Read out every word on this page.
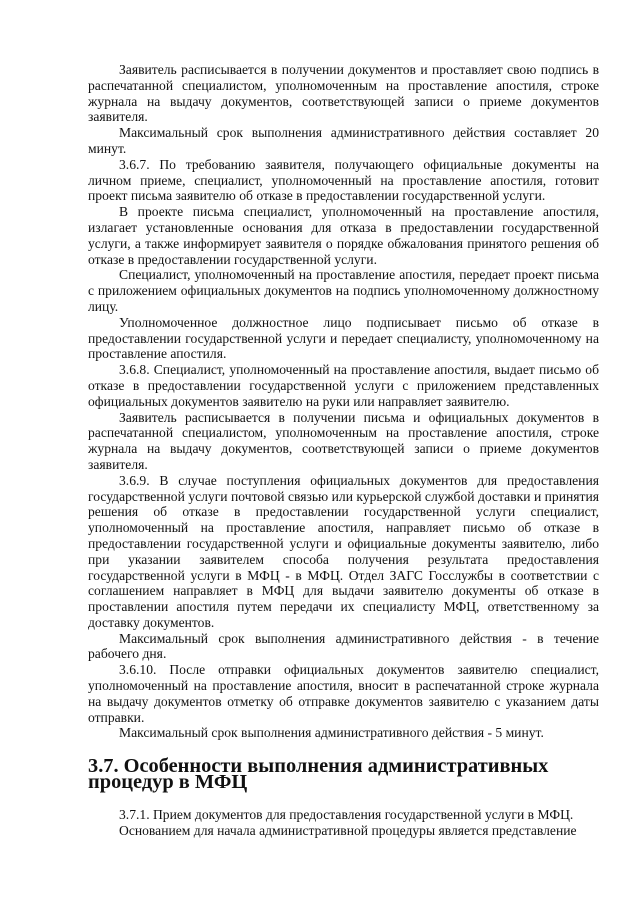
Заявитель расписывается в получении документов и проставляет свою подпись в распечатанной специалистом, уполномоченным на проставление апостиля, строке журнала на выдачу документов, соответствующей записи о приеме документов заявителя.

Максимальный срок выполнения административного действия составляет 20 минут.

3.6.7. По требованию заявителя, получающего официальные документы на личном приеме, специалист, уполномоченный на проставление апостиля, готовит проект письма заявителю об отказе в предоставлении государственной услуги.

В проекте письма специалист, уполномоченный на проставление апостиля, излагает установленные основания для отказа в предоставлении государственной услуги, а также информирует заявителя о порядке обжалования принятого решения об отказе в предоставлении государственной услуги.

Специалист, уполномоченный на проставление апостиля, передает проект письма с приложением официальных документов на подпись уполномоченному должностному лицу.

Уполномоченное должностное лицо подписывает письмо об отказе в предоставлении государственной услуги и передает специалисту, уполномоченному на проставление апостиля.

3.6.8. Специалист, уполномоченный на проставление апостиля, выдает письмо об отказе в предоставлении государственной услуги с приложением представленных официальных документов заявителю на руки или направляет заявителю.

Заявитель расписывается в получении письма и официальных документов в распечатанной специалистом, уполномоченным на проставление апостиля, строке журнала на выдачу документов, соответствующей записи о приеме документов заявителя.

3.6.9. В случае поступления официальных документов для предоставления государственной услуги почтовой связью или курьерской службой доставки и принятия решения об отказе в предоставлении государственной услуги специалист, уполномоченный на проставление апостиля, направляет письмо об отказе в предоставлении государственной услуги и официальные документы заявителю, либо при указании заявителем способа получения результата предоставления государственной услуги в МФЦ - в МФЦ. Отдел ЗАГС Госслужбы в соответствии с соглашением направляет в МФЦ для выдачи заявителю документы об отказе в проставлении апостиля путем передачи их специалисту МФЦ, ответственному за доставку документов.

Максимальный срок выполнения административного действия - в течение рабочего дня.

3.6.10. После отправки официальных документов заявителю специалист, уполномоченный на проставление апостиля, вносит в распечатанной строке журнала на выдачу документов отметку об отправке документов заявителю с указанием даты отправки.

Максимальный срок выполнения административного действия - 5 минут.

3.7. Особенности выполнения административных процедур в МФЦ

3.7.1. Прием документов для предоставления государственной услуги в МФЦ.

Основанием для начала административной процедуры является представление
